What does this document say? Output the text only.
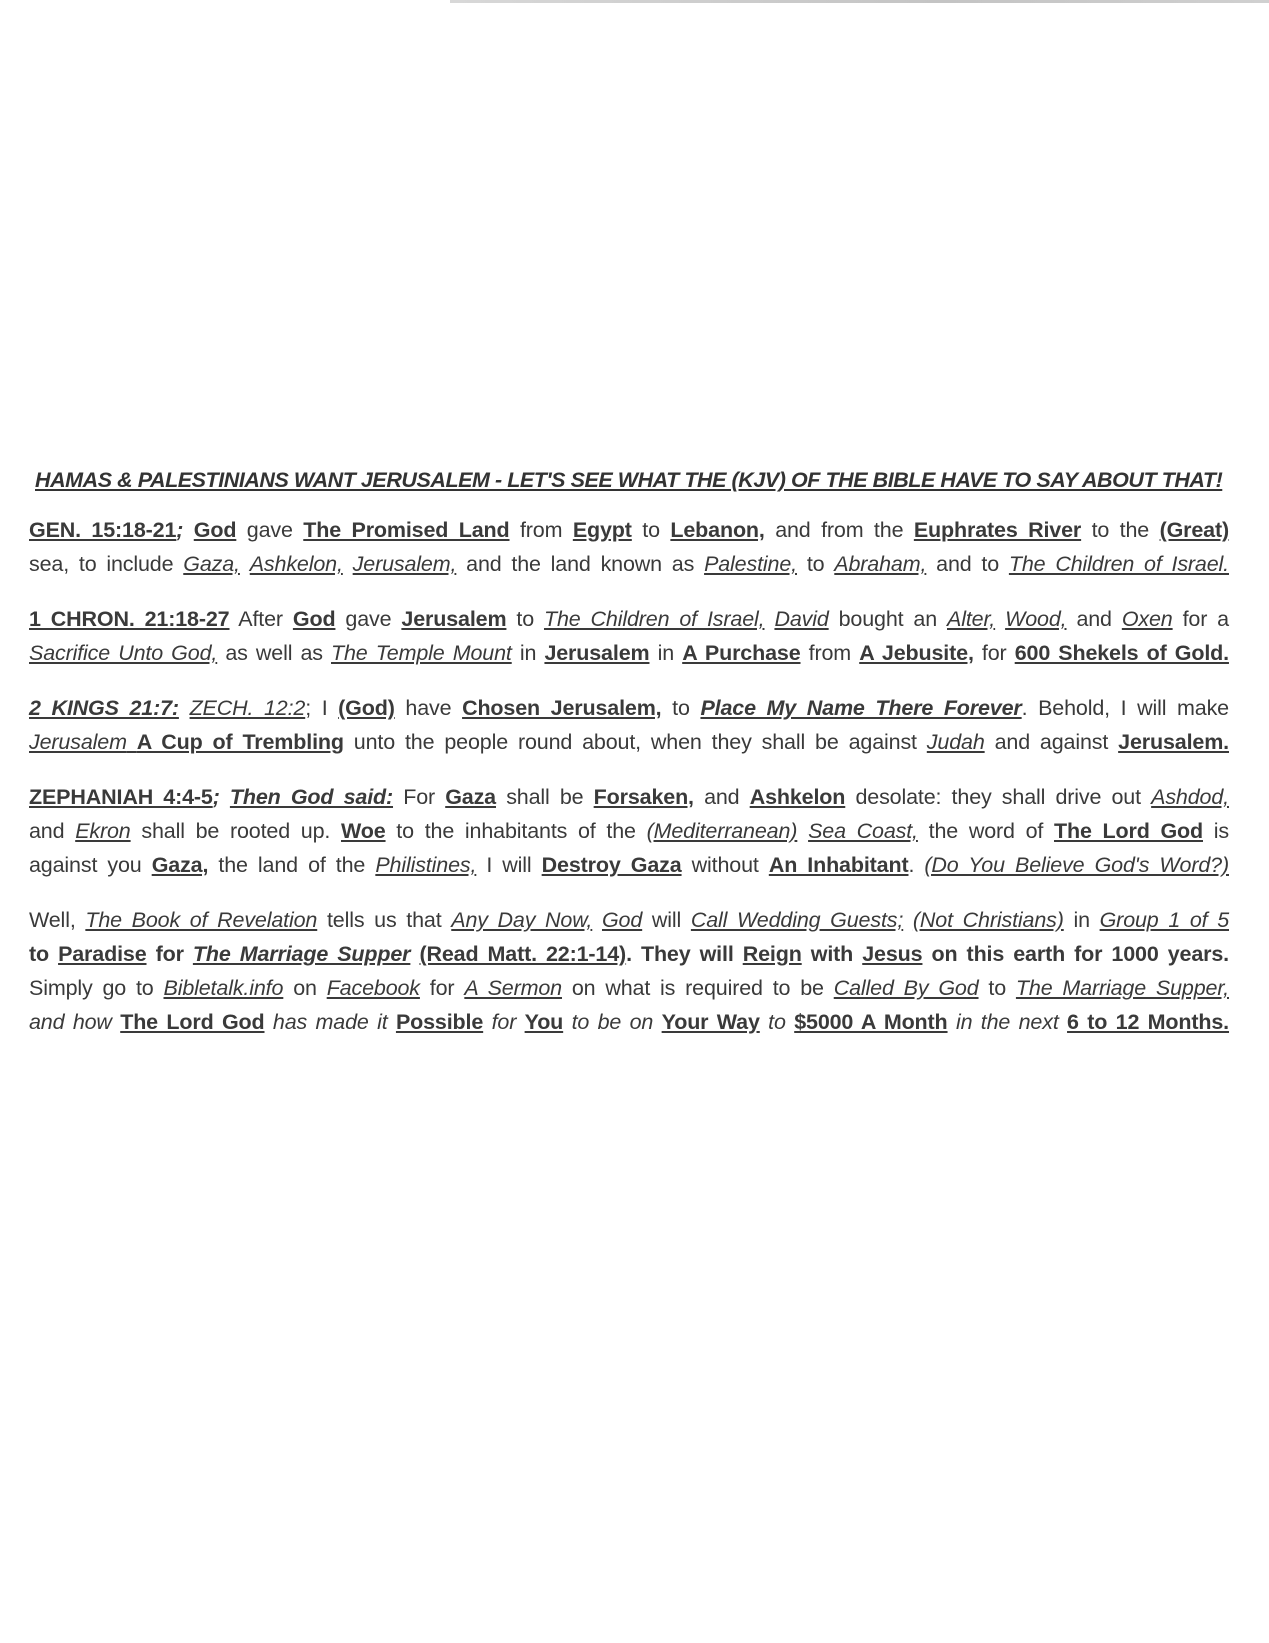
HAMAS & PALESTINIANS WANT JERUSALEM - LET'S SEE WHAT THE (KJV) OF THE BIBLE HAVE TO SAY ABOUT THAT!

GEN. 15:18-21; God gave The Promised Land from Egypt to Lebanon, and from the Euphrates River to the (Great)
sea, to include Gaza, Ashkelon, Jerusalem, and the land known as Palestine, to Abraham, and to The Children of Israel.

1 CHRON. 21:18-27 After God gave Jerusalem to The Children of Israel, David bought an Alter, Wood, and Oxen for a
Sacrifice Unto God, as well as The Temple Mount in Jerusalem in A Purchase from A Jebusite, for 600 Shekels of Gold.

2 KINGS 21:7: ZECH. 12:2; I (God) have Chosen Jerusalem, to Place My Name There Forever. Behold, I will make
Jerusalem A Cup of Trembling unto the people round about, when they shall be against Judah and against Jerusalem.

ZEPHANIAH 4:4-5; Then God said: For Gaza shall be Forsaken, and Ashkelon desolate: they shall drive out Ashdod,
and Ekron shall be rooted up. Woe to the inhabitants of the (Mediterranean) Sea Coast, the word of The Lord God is
against you Gaza, the land of the Philistines, I will Destroy Gaza without An Inhabitant. (Do You Believe God's Word?)

Well, The Book of Revelation tells us that Any Day Now, God will Call Wedding Guests; (Not Christians) in Group 1 of 5
to Paradise for The Marriage Supper (Read Matt. 22:1-14). They will Reign with Jesus on this earth for 1000 years.
Simply go to Bibletalk.info on Facebook for A Sermon on what is required to be Called By God to The Marriage Supper,
and how The Lord God has made it Possible for You to be on Your Way to $5000 A Month in the next 6 to 12 Months.
